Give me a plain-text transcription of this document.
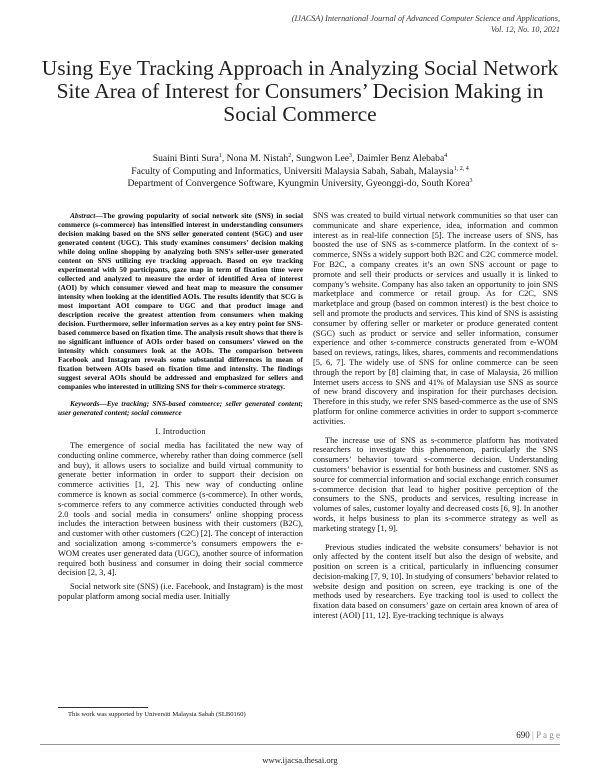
(IJACSA) International Journal of Advanced Computer Science and Applications,
Vol. 12, No. 10, 2021
Using Eye Tracking Approach in Analyzing Social Network Site Area of Interest for Consumers’ Decision Making in Social Commerce
Suaini Binti Sura$^1$, Nona M. Nistah$^2$, Sungwon Lee$^3$, Daimler Benz Alebaba$^4$
Faculty of Computing and Informatics, Universiti Malaysia Sabah, Sabah, Malaysia$^{1, 2, 4}$
Department of Convergence Software, Kyungmin University, Gyeonggi-do, South Korea$^3$

Abstract—The growing popularity of social network site (SNS) in social commerce (s-commerce) has intensified interest in understanding consumers decision making based on the SNS seller generated content (SGC) and user generated content (UGC). This study examines consumers’ decision making while doing online shopping by analyzing both SNS's seller-user generated content on SNS utilizing eye tracking approach. Based on eye tracking experimental with 50 participants, gaze map in term of fixation time were collected and analyzed to measure the order of identified Area of interest (AOI) by which consumer viewed and heat map to measure the consumer intensity when looking at the identified AOIs. The results identify that SCG is most important AOI compare to UGC and that product image and description receive the greatest attention from consumers when making decision. Furthermore, seller information serves as a key entry point for SNS-based commerce based on fixation time. The analysis result shows that there is no significant influence of AOIs order based on consumers’ viewed on the intensity which consumers look at the AOIs. The comparison between Facebook and Instagram reveals some substantial differences in mean of fixation between AOIs based on fixation time and intensity. The findings suggest several AOIs should be addressed and emphasized for sellers and companies who interested in utilizing SNS for their s-commerce strategy.

Keywords—Eye tracking; SNS-based commerce; seller generated content; user generated content; social commerce

I. Introduction

The emergence of social media has facilitated the new way of conducting online commerce, whereby rather than doing commerce (sell and buy), it allows users to socialize and build virtual community to generate better information in order to support their decision on commerce activities [1, 2]. This new way of conducting online commerce is known as social commerce (s-commerce). In other words, s-commerce refers to any commerce activities conducted through web 2.0 tools and social media in consumers’ online shopping process includes the interaction between business with their customers (B2C), and customer with other customers (C2C) [2]. The concept of interaction and socialization among s-commerce’s consumers empowers the e-WOM creates user generated data (UGC), another source of information required both business and consumer in doing their social commerce decision [2, 3, 4].

Social network site (SNS) (i.e. Facebook, and Instagram) is the most popular platform among social media user. Initially

SNS was created to build virtual network communities so that user can communicate and share experience, idea, information and common interest as in real-life connection [5]. The increase users of SNS, has boosted the use of SNS as s-commerce platform. In the context of s-commerce, SNSs a widely support both B2C and C2C commerce model. For B2C, a company creates it’s an own SNS account or page to promote and sell their products or services and usually it is linked to company’s website. Company has also taken an opportunity to join SNS marketplace and commerce or retail group. As for C2C, SNS marketplace and group (based on common interest) is the best choice to sell and promote the products and services. This kind of SNS is assisting consumer by offering seller or marketer or produce generated content (SGC) such as product or service and seller information, consumer experience and other s-commerce constructs generated from e-WOM based on reviews, ratings, likes, shares, comments and recommendations [5, 6, 7]. The widely use of SNS for online commerce can be seen through the report by [8] claiming that, in case of Malaysia, 26 million Internet users access to SNS and 41% of Malaysian use SNS as source of new brand discovery and inspiration for their purchases decision. Therefore in this study, we refer SNS based-commerce as the use of SNS platform for online commerce activities in order to support s-commerce activities.

The increase use of SNS as s-commerce platform has motivated researchers to investigate this phenomenon, particularly the SNS consumers’ behavior toward s-commerce decision. Understanding customers’ behavior is essential for both business and customer. SNS as source for commercial information and social exchange enrich consumer s-commerce decision that lead to higher positive perception of the consumers to the SNS, products and services, resulting increase in volumes of sales, customer loyalty and decreased costs [6, 9]. In another words, it helps business to plan its s-commerce strategy as well as marketing strategy [1, 9].

Previous studies indicated the website consumers’ behavior is not only affected by the content itself but also the design of website, and position on screen is a critical, particularly in influencing consumer decision-making [7, 9, 10]. In studying of consumers’ behavior related to website design and position on screen, eye tracking is one of the methods used by researchers. Eye tracking tool is used to collect the fixation data based on consumers’ gaze on certain area known of area of interest (AOI) [11, 12]. Eye-tracking technique is always

This work was supported by Universiti Malaysia Sabah (SLB0160)
690 | P a g e
www.ijacsa.thesai.org
